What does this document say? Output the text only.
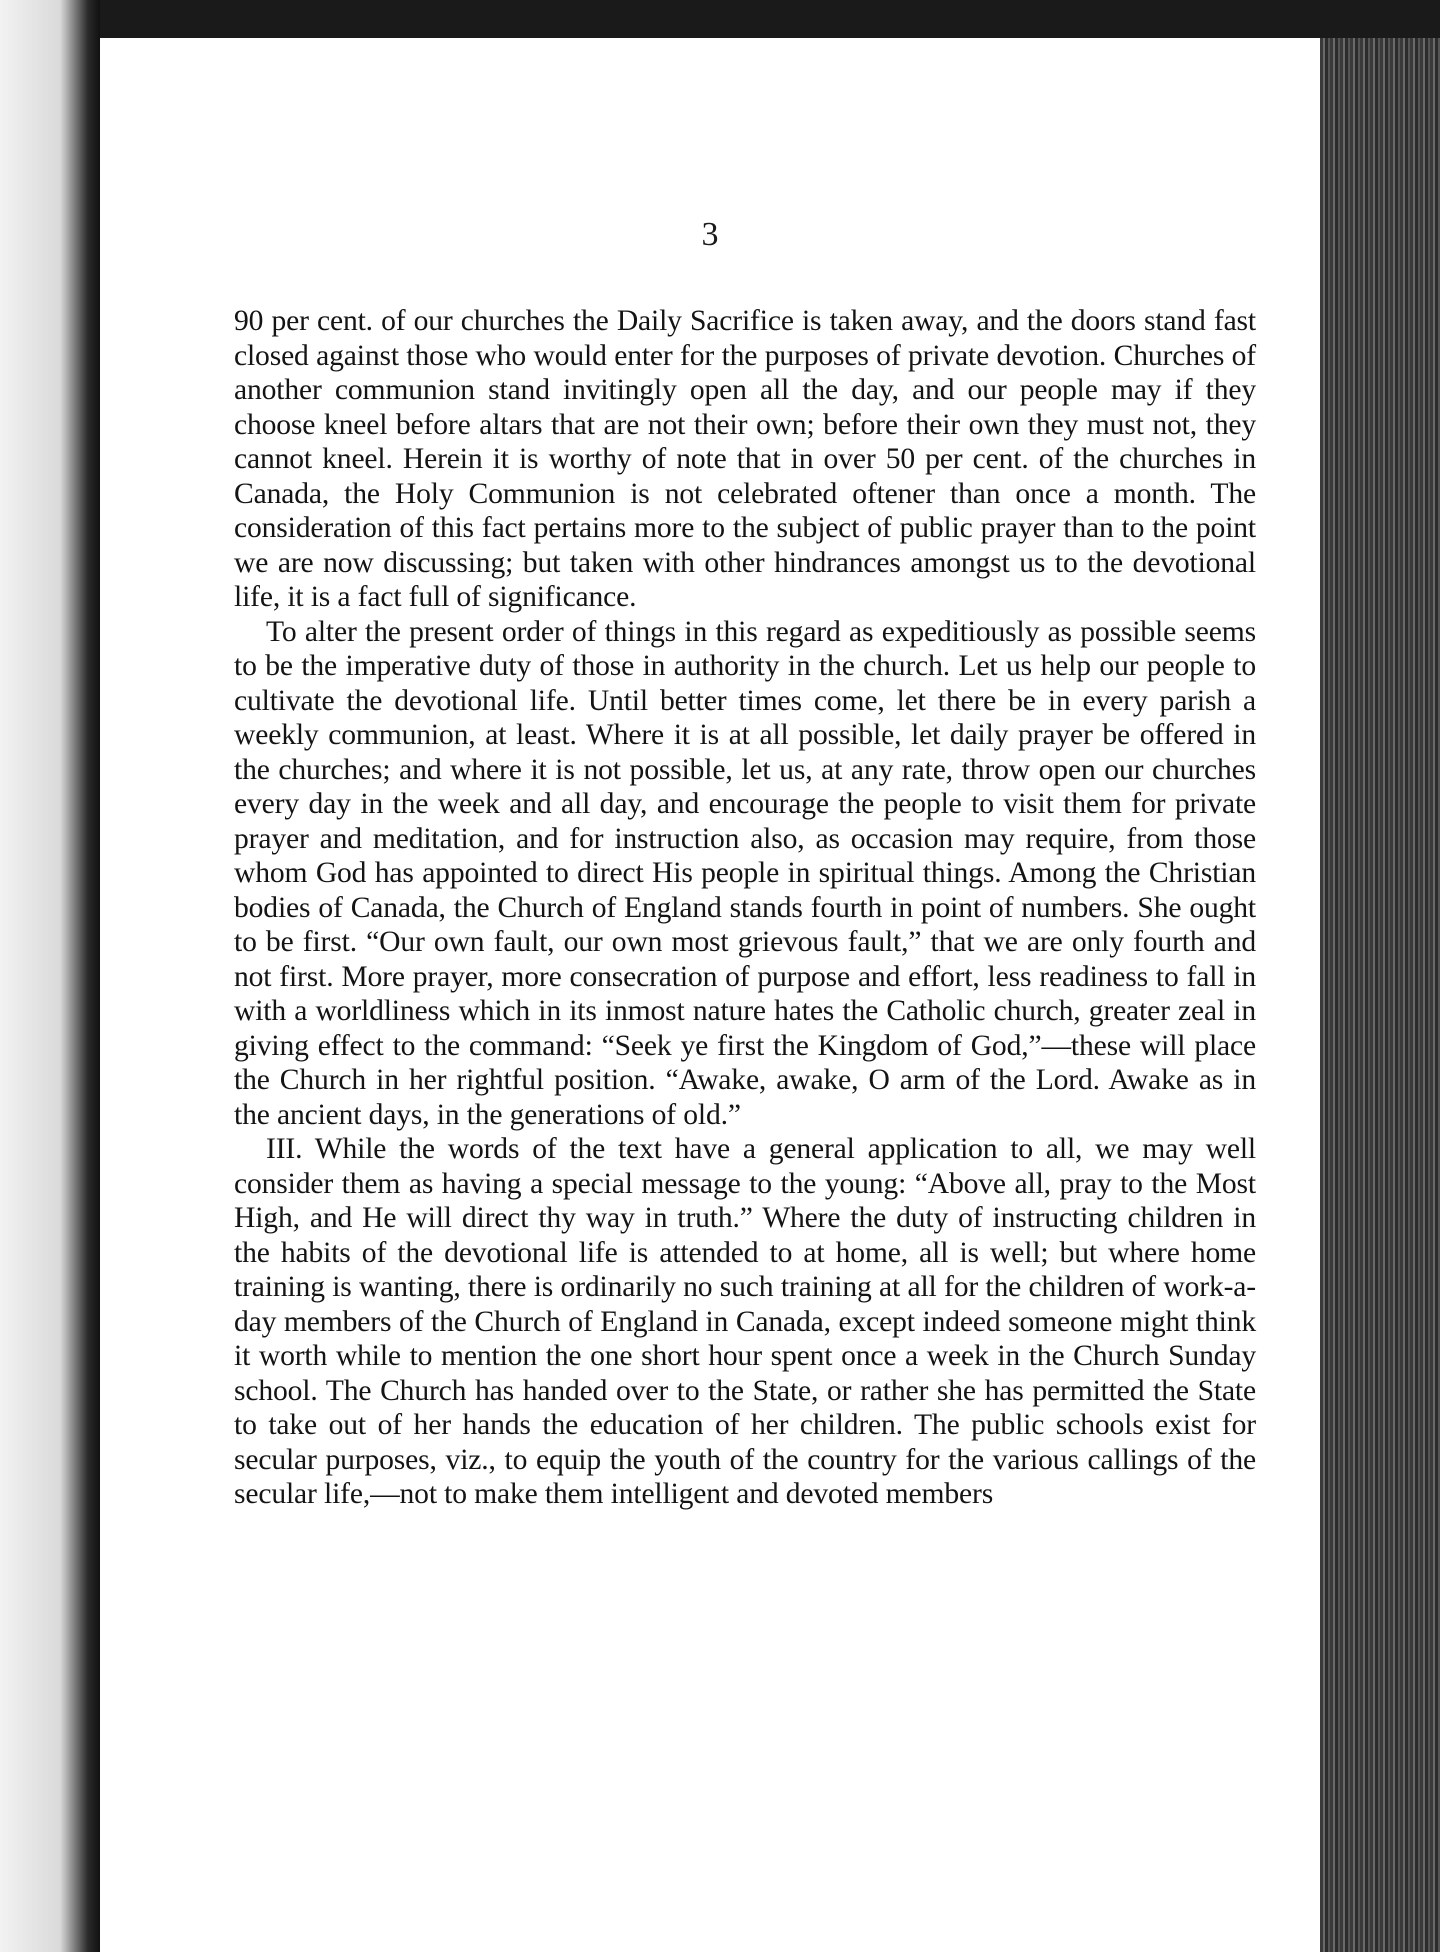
3

90 per cent. of our churches the Daily Sacrifice is taken away, and the doors stand fast closed against those who would enter for the purposes of private devotion. Churches of another communion stand invitingly open all the day, and our people may if they choose kneel before altars that are not their own; before their own they must not, they cannot kneel. Herein it is worthy of note that in over 50 per cent. of the churches in Canada, the Holy Communion is not celebrated oftener than once a month. The consideration of this fact pertains more to the subject of public prayer than to the point we are now discussing; but taken with other hindrances amongst us to the devotional life, it is a fact full of significance.

To alter the present order of things in this regard as expeditiously as possible seems to be the imperative duty of those in authority in the church. Let us help our people to cultivate the devotional life. Until better times come, let there be in every parish a weekly communion, at least. Where it is at all possible, let daily prayer be offered in the churches; and where it is not possible, let us, at any rate, throw open our churches every day in the week and all day, and encourage the people to visit them for private prayer and meditation, and for instruction also, as occasion may require, from those whom God has appointed to direct His people in spiritual things. Among the Christian bodies of Canada, the Church of England stands fourth in point of numbers. She ought to be first. “Our own fault, our own most grievous fault,” that we are only fourth and not first. More prayer, more consecration of purpose and effort, less readiness to fall in with a worldliness which in its inmost nature hates the Catholic church, greater zeal in giving effect to the command: “Seek ye first the Kingdom of God,”—these will place the Church in her rightful position. “Awake, awake, O arm of the Lord. Awake as in the ancient days, in the generations of old.”

III. While the words of the text have a general application to all, we may well consider them as having a special message to the young: “Above all, pray to the Most High, and He will direct thy way in truth.” Where the duty of instructing children in the habits of the devotional life is attended to at home, all is well; but where home training is wanting, there is ordinarily no such training at all for the children of work-a-day members of the Church of England in Canada, except indeed someone might think it worth while to mention the one short hour spent once a week in the Church Sunday school. The Church has handed over to the State, or rather she has permitted the State to take out of her hands the education of her children. The public schools exist for secular purposes, viz., to equip the youth of the country for the various callings of the secular life,—not to make them intelligent and devoted members
